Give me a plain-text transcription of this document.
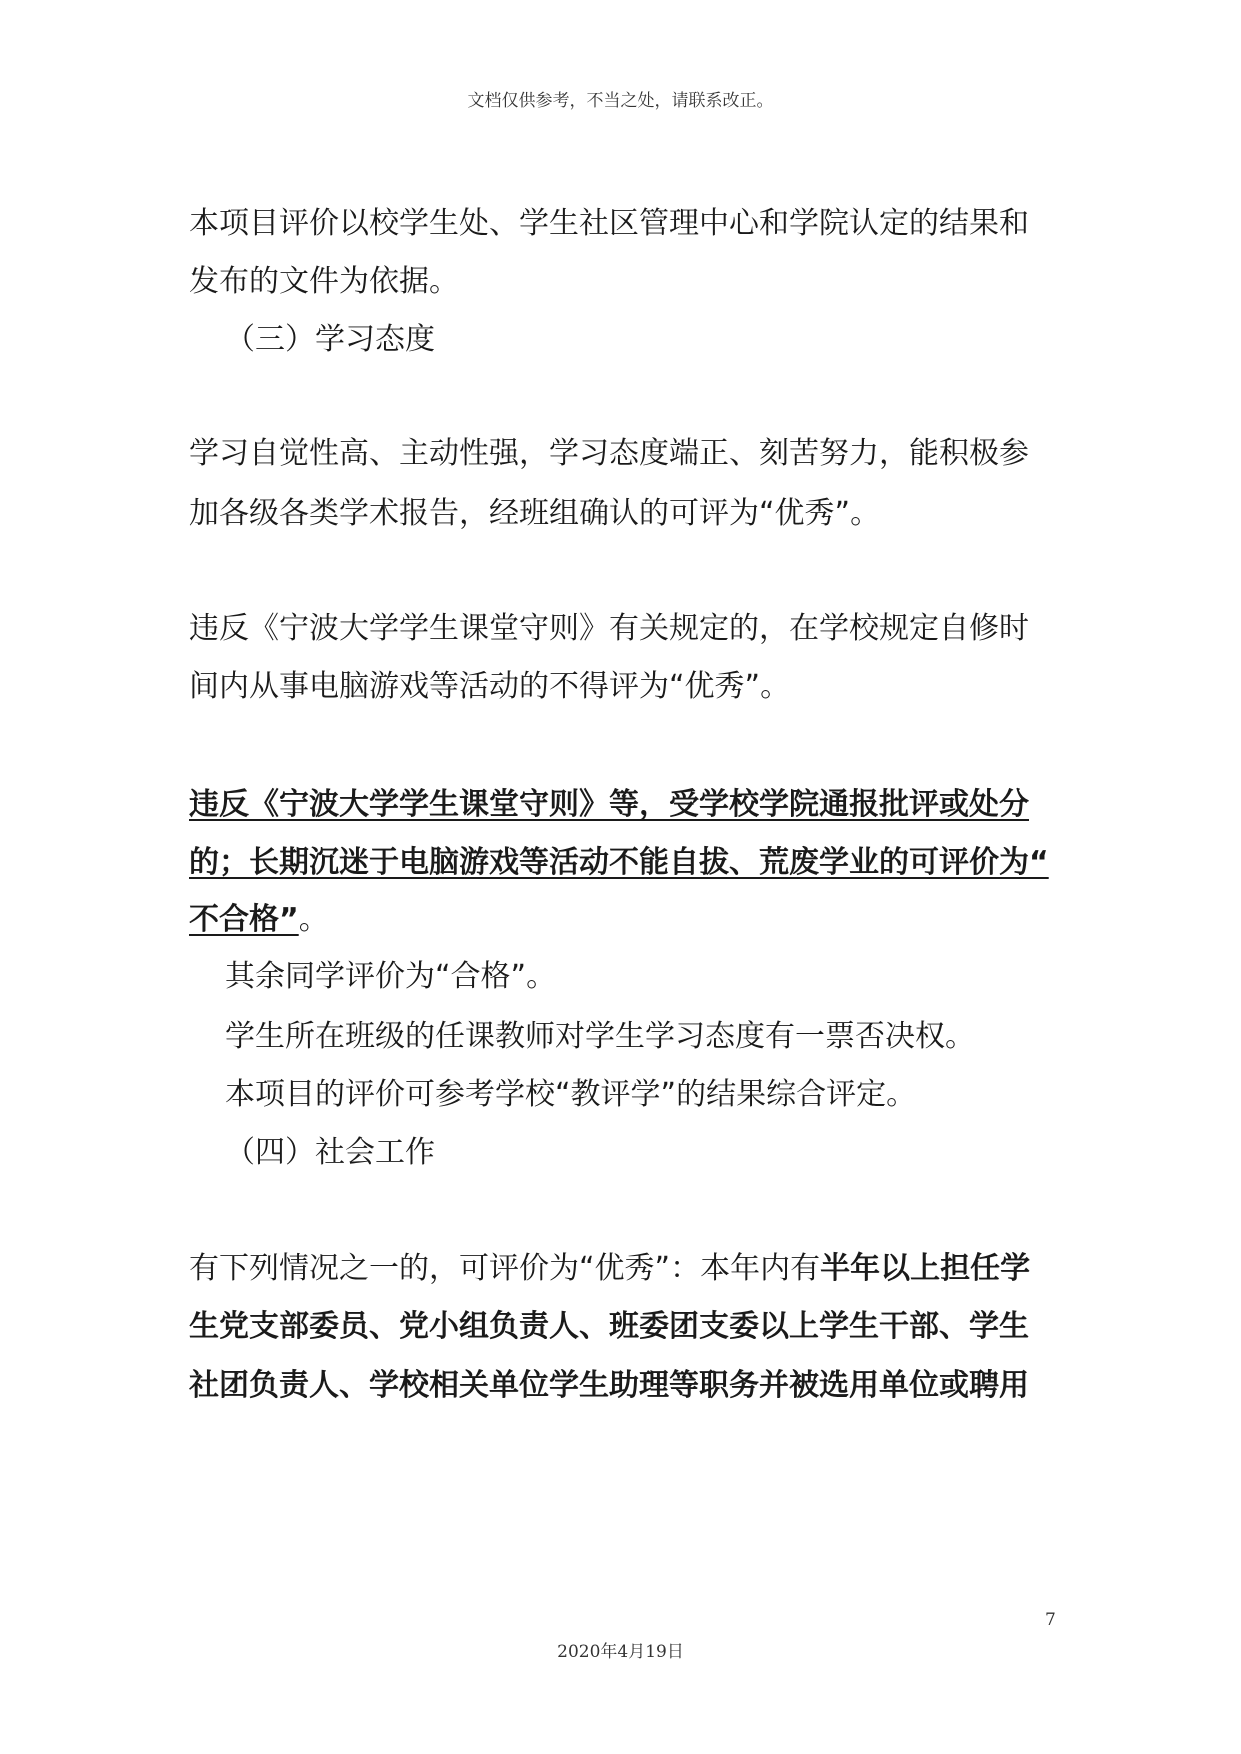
文档仅供参考，不当之处，请联系改正。
本项目评价以校学生处、学生社区管理中心和学院认定的结果和
发布的文件为依据。
（三）学习态度
学习自觉性高、主动性强，学习态度端正、刻苦努力，能积极参
加各级各类学术报告，经班组确认的可评为“优秀”。
违反《宁波大学学生课堂守则》有关规定的，在学校规定自修时
间内从事电脑游戏等活动的不得评为“优秀”。
违反《宁波大学学生课堂守则》等，受学校学院通报批评或处分
的；长期沉迷于电脑游戏等活动不能自拔、荒废学业的可评价为“
不合格”。
其余同学评价为“合格”。
学生所在班级的任课教师对学生学习态度有一票否决权。
本项目的评价可参考学校“教评学”的结果综合评定。
（四）社会工作
有下列情况之一的，可评价为“优秀”：本年内有半年以上担任学
生党支部委员、党小组负责人、班委团支委以上学生干部、学生
社团负责人、学校相关单位学生助理等职务并被选用单位或聘用
7
2020年4月19日
